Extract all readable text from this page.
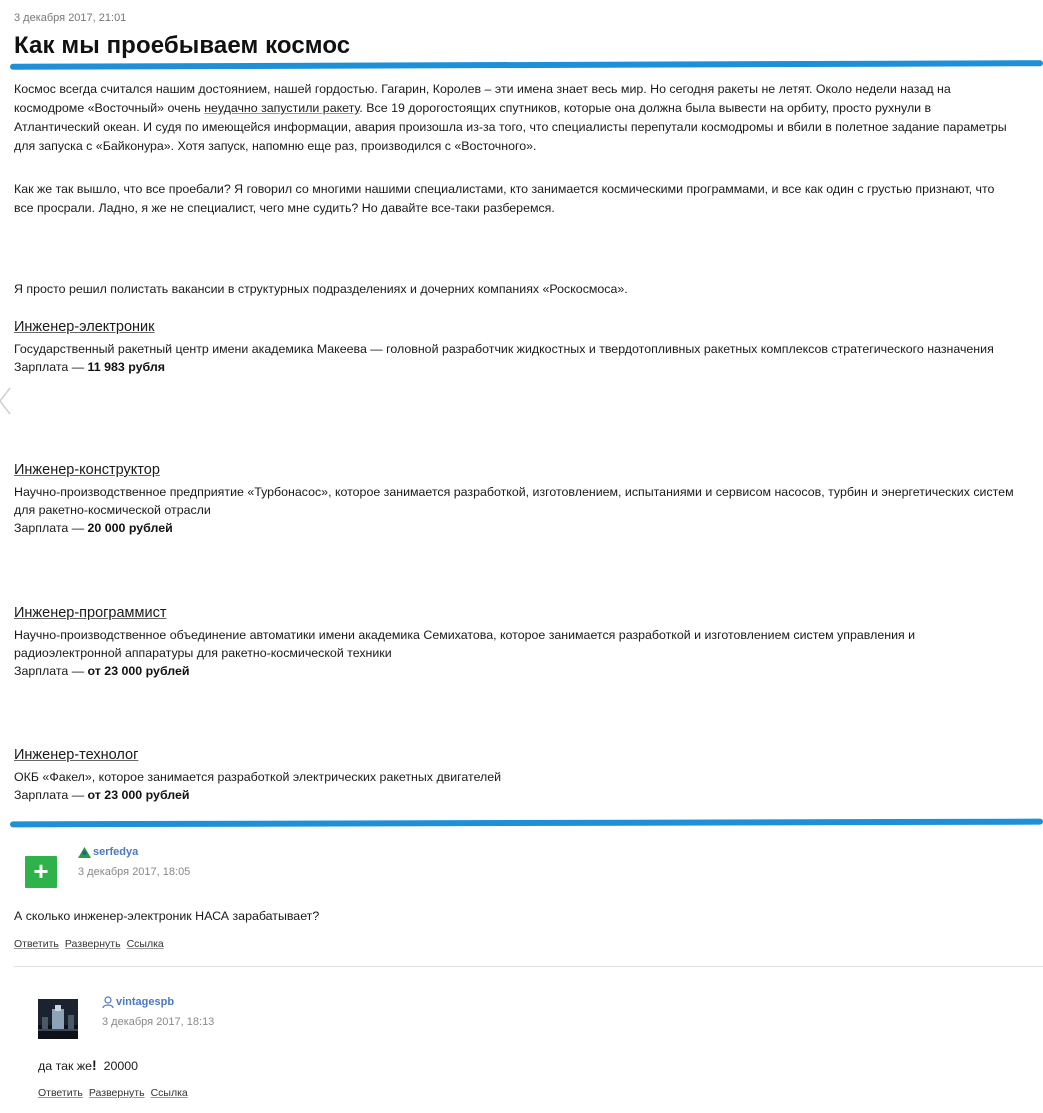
3 декабря 2017, 21:01
Как мы проебываем космос

Космос всегда считался нашим достоянием, нашей гордостью. Гагарин, Королев – эти имена знает весь мир. Но сегодня ракеты не летят. Около недели назад на космодроме «Восточный» очень неудачно запустили ракету. Все 19 дорогостоящих спутников, которые она должна была вывести на орбиту, просто рухнули в Атлантический океан. И судя по имеющейся информации, авария произошла из-за того, что специалисты перепутали космодромы и вбили в полетное задание параметры для запуска с «Байконура». Хотя запуск, напомню еще раз, производился с «Восточного».

Как же так вышло, что все проебали? Я говорил со многими нашими специалистами, кто занимается космическими программами, и все как один с грустью признают, что все просрали. Ладно, я же не специалист, чего мне судить? Но давайте все-таки разберемся.

Я просто решил полистать вакансии в структурных подразделениях и дочерних компаниях «Роскосмоса».

Инженер-электроник
Государственный ракетный центр имени академика Макеева — головной разработчик жидкостных и твердотопливных ракетных комплексов стратегического назначения
Зарплата — 11 983 рубля
Инженер-конструктор
Научно-производственное предприятие «Турбонасос», которое занимается разработкой, изготовлением, испытаниями и сервисом насосов, турбин и энергетических систем для ракетно-космической отрасли
Зарплата — 20 000 рублей
Инженер-программист
Научно-производственное объединение автоматики имени академика Семихатова, которое занимается разработкой и изготовлением систем управления и радиоэлектронной аппаратуры для ракетно-космической техники
Зарплата — от 23 000 рублей
Инженер-технолог
ОКБ «Факел», которое занимается разработкой электрических ракетных двигателей
Зарплата — от 23 000 рублей
+
serfedya
3 декабря 2017, 18:05
А сколько инженер-электроник НАСА зарабатывает?
Ответить Развернуть Ссылка
vintagespb
3 декабря 2017, 18:13
да так же!  20000
Ответить Развернуть Ссылка
